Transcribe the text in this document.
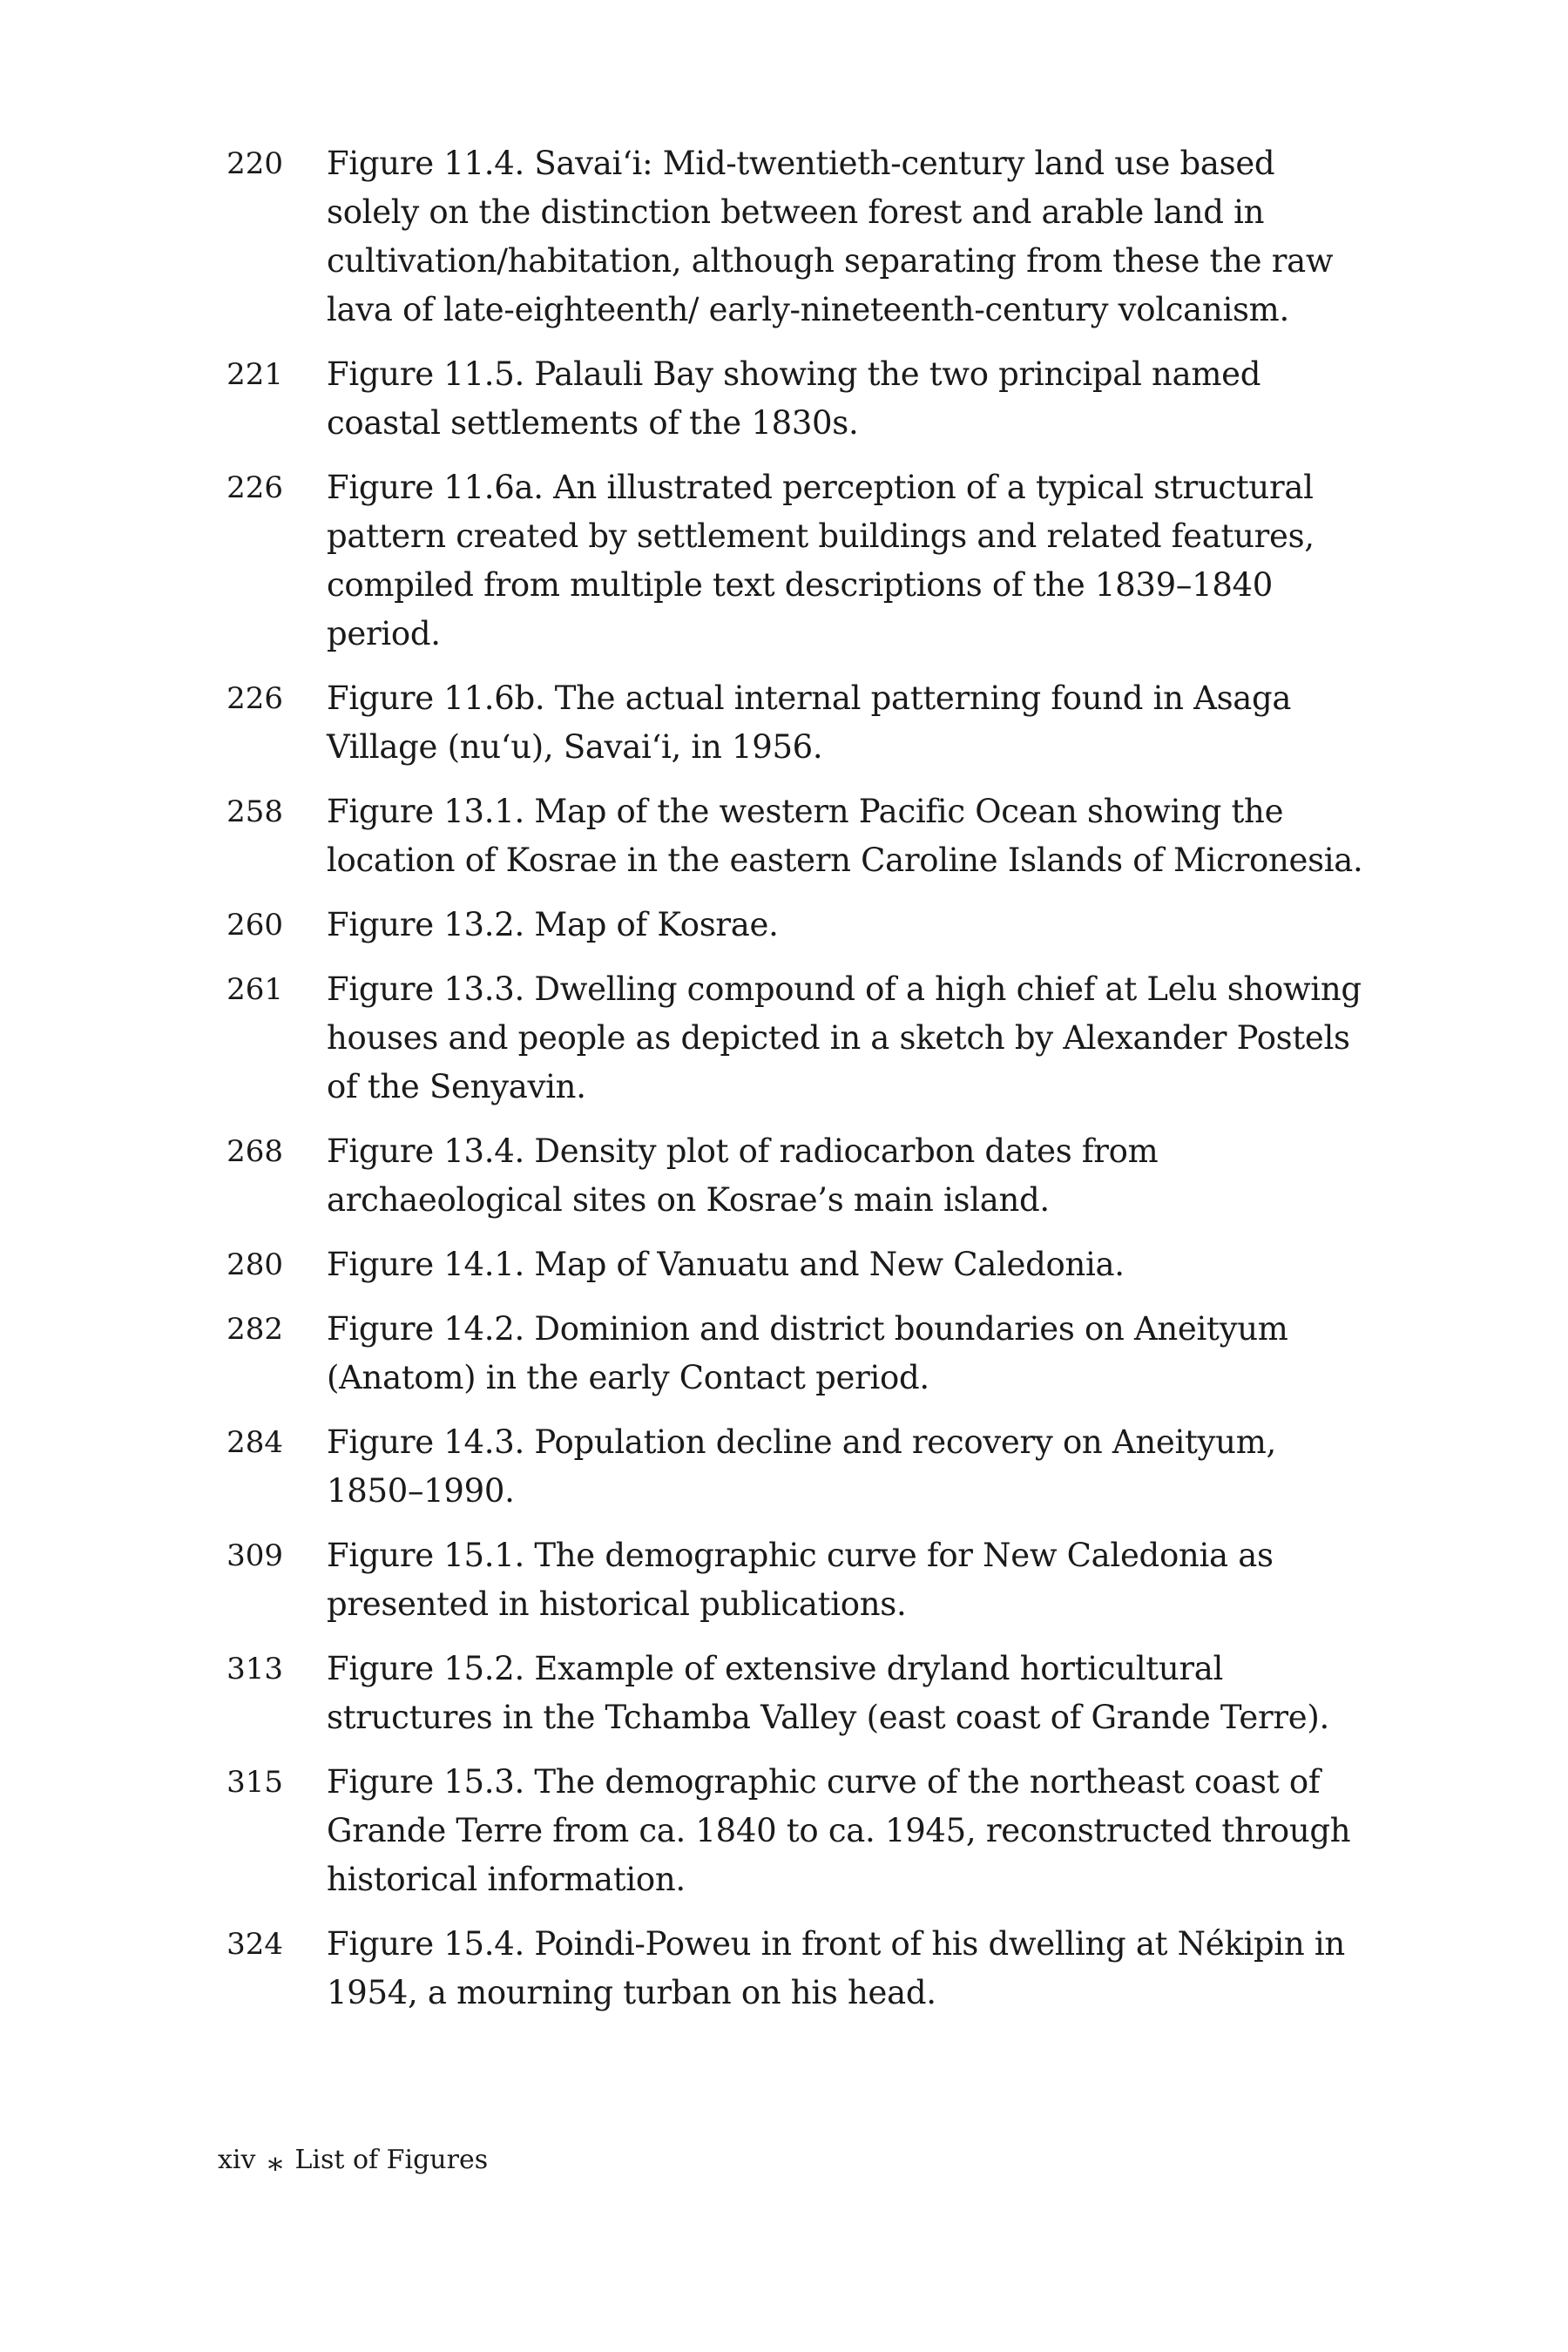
220 Figure 11.4. Savai‘i: Mid-twentieth-century land use based solely on the distinction between forest and arable land in cultivation/habitation, although separating from these the raw lava of late-eighteenth/ early-nineteenth-century volcanism.
221 Figure 11.5. Palauli Bay showing the two principal named coastal settlements of the 1830s.
226 Figure 11.6a. An illustrated perception of a typical structural pattern created by settlement buildings and related features, compiled from multiple text descriptions of the 1839–1840 period.
226 Figure 11.6b. The actual internal patterning found in Asaga Village (nu‘u), Savai‘i, in 1956.
258 Figure 13.1. Map of the western Pacific Ocean showing the location of Kosrae in the eastern Caroline Islands of Micronesia.
260 Figure 13.2. Map of Kosrae.
261 Figure 13.3. Dwelling compound of a high chief at Lelu showing houses and people as depicted in a sketch by Alexander Postels of the Senyavin.
268 Figure 13.4. Density plot of radiocarbon dates from archaeological sites on Kosrae’s main island.
280 Figure 14.1. Map of Vanuatu and New Caledonia.
282 Figure 14.2. Dominion and district boundaries on Aneityum (Anatom) in the early Contact period.
284 Figure 14.3. Population decline and recovery on Aneityum, 1850–1990.
309 Figure 15.1. The demographic curve for New Caledonia as presented in historical publications.
313 Figure 15.2. Example of extensive dryland horticultural structures in the Tchamba Valley (east coast of Grande Terre).
315 Figure 15.3. The demographic curve of the northeast coast of Grande Terre from ca. 1840 to ca. 1945, reconstructed through historical information.
324 Figure 15.4. Poindi-Poweu in front of his dwelling at Nékipin in 1954, a mourning turban on his head.
xiv ⁎ List of Figures
